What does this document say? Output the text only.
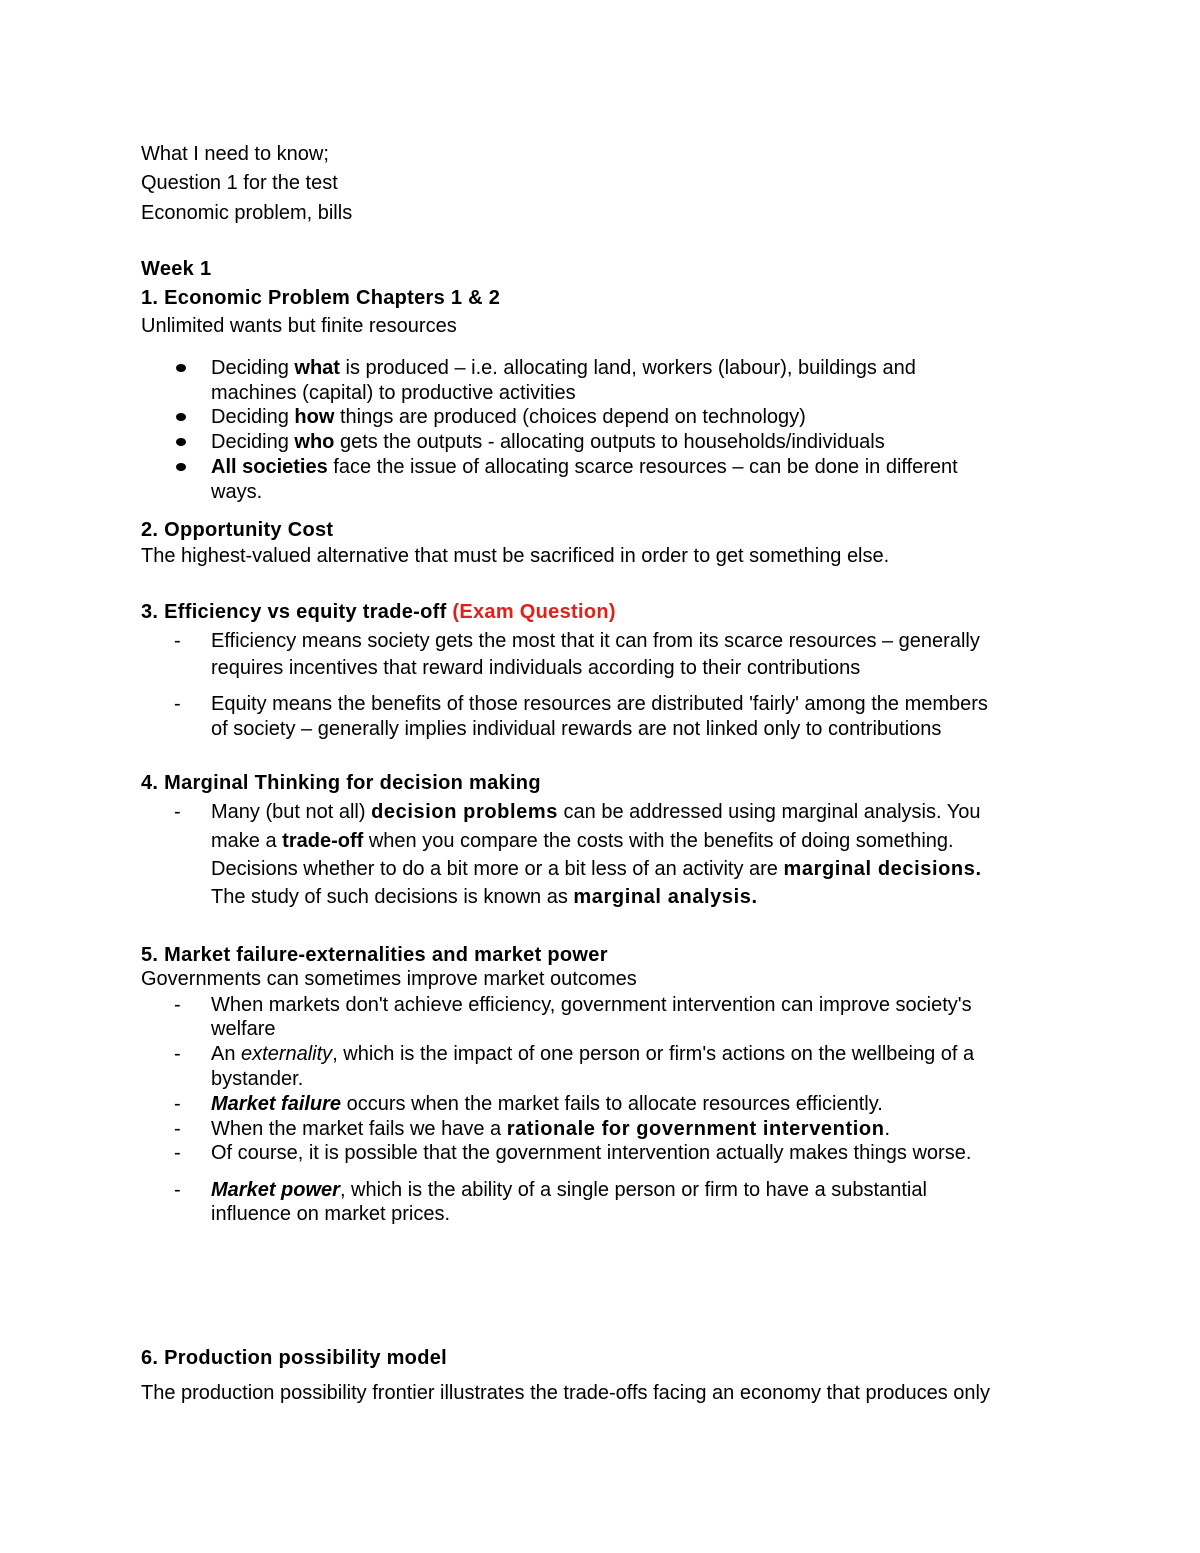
What I need to know;
Question 1 for the test
Economic problem, bills
Week 1
1. Economic Problem Chapters 1 & 2
Unlimited wants but finite resources
Deciding what is produced – i.e. allocating land, workers (labour), buildings and
machines (capital) to productive activities
Deciding how things are produced (choices depend on technology)
Deciding who gets the outputs - allocating outputs to households/individuals
All societies face the issue of allocating scarce resources – can be done in different
ways.
2. Opportunity Cost
The highest-valued alternative that must be sacrificed in order to get something else.
3. Efficiency vs equity trade-off (Exam Question)
- Efficiency means society gets the most that it can from its scarce resources – generally
requires incentives that reward individuals according to their contributions
- Equity means the benefits of those resources are distributed 'fairly' among the members
of society – generally implies individual rewards are not linked only to contributions
4. Marginal Thinking for decision making
- Many (but not all) decision problems can be addressed using marginal analysis. You
make a trade-off when you compare the costs with the benefits of doing something.
Decisions whether to do a bit more or a bit less of an activity are marginal decisions.
The study of such decisions is known as marginal analysis.
5. Market failure-externalities and market power
Governments can sometimes improve market outcomes
- When markets don't achieve efficiency, government intervention can improve society's
welfare
- An externality, which is the impact of one person or firm's actions on the wellbeing of a
bystander.
- Market failure occurs when the market fails to allocate resources efficiently.
- When the market fails we have a rationale for government intervention.
- Of course, it is possible that the government intervention actually makes things worse.
- Market power, which is the ability of a single person or firm to have a substantial
influence on market prices.
6. Production possibility model
The production possibility frontier illustrates the trade-offs facing an economy that produces only
